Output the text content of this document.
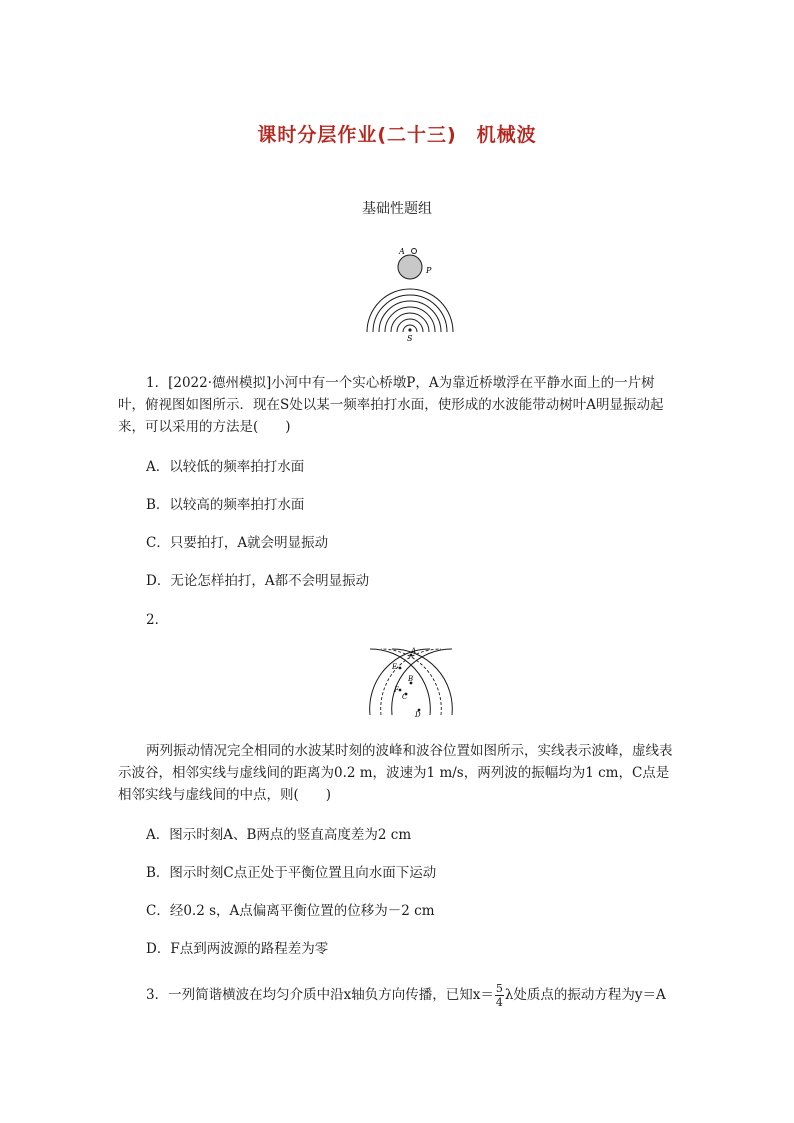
课时分层作业(二十三)　机械波
基础性题组
A
P
S
1．[2022·德州模拟]小河中有一个实心桥墩P，A为靠近桥墩浮在平静水面上的一片树叶，俯视图如图所示．现在S处以某一频率拍打水面，使形成的水波能带动树叶A明显振动起来，可以采用的方法是(　　)
A．以较低的频率拍打水面
B．以较高的频率拍打水面
C．只要拍打，A就会明显振动
D．无论怎样拍打，A都不会明显振动
2．
A
E
B
F
C
D
两列振动情况完全相同的水波某时刻的波峰和波谷位置如图所示，实线表示波峰，虚线表示波谷，相邻实线与虚线间的距离为0.2 m，波速为1 m/s，两列波的振幅均为1 cm，C点是相邻实线与虚线间的中点，则(　　)
A．图示时刻A、B两点的竖直高度差为2 cm
B．图示时刻C点正处于平衡位置且向水面下运动
C．经0.2 s，A点偏离平衡位置的位移为－2 cm
D．F点到两波源的路程差为零
3．一列简谐横波在均匀介质中沿x轴负方向传播，已知$x= \frac{5}{4}$ λ处质点的振动方程为y＝A
